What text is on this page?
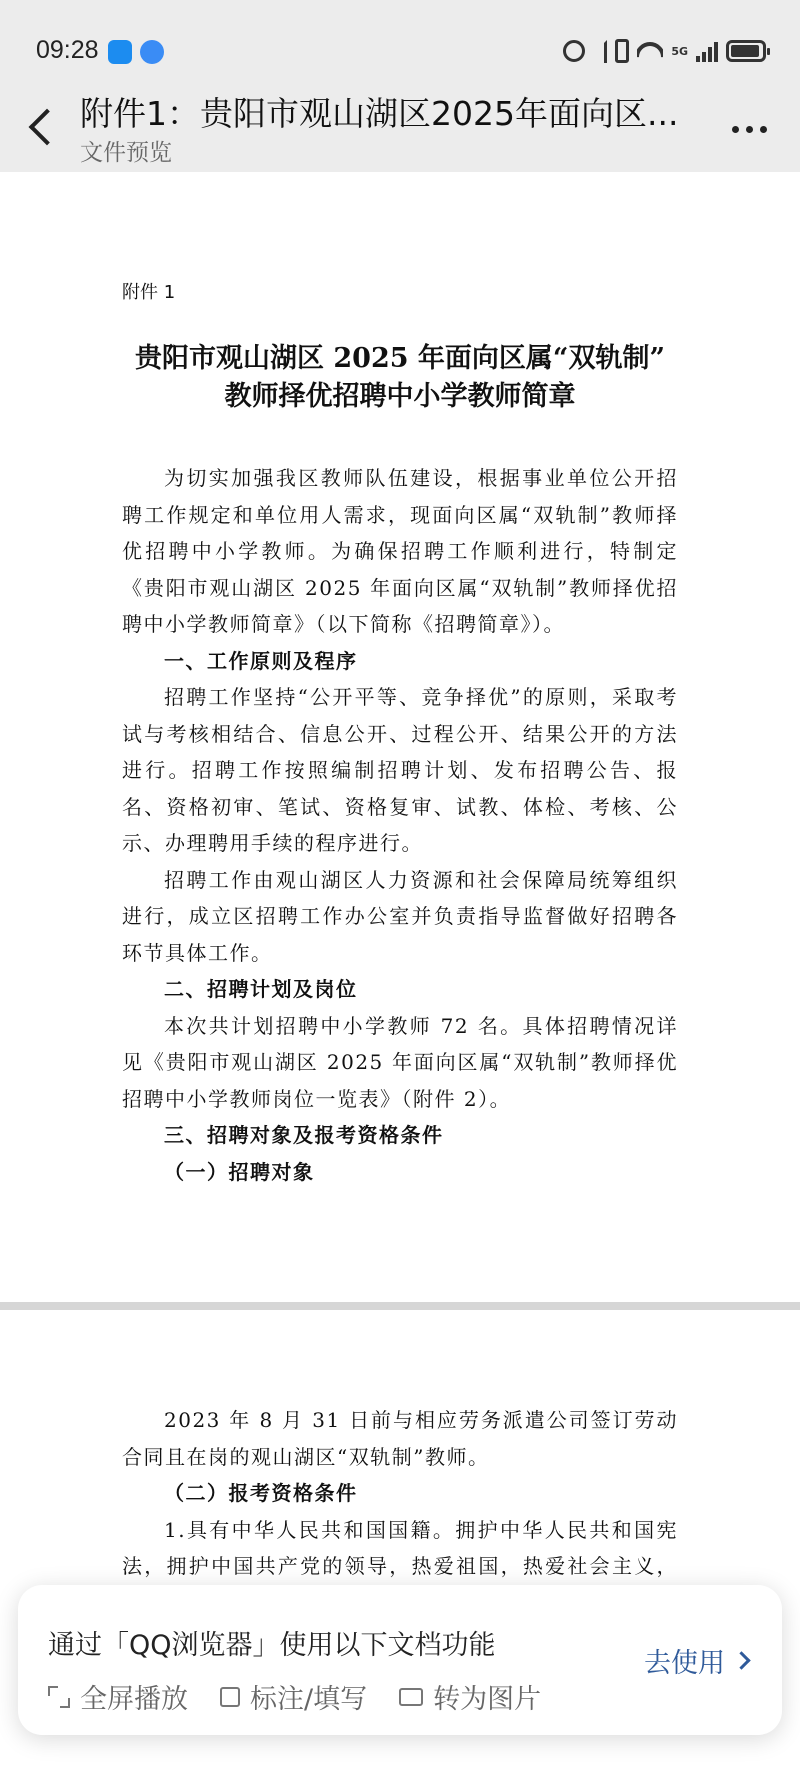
09:28	5G
附件1：贵阳市观山湖区2025年面向区...
文件预览
附件 1
贵阳市观山湖区 2025 年面向区属“双轨制”
教师择优招聘中小学教师简章

为切实加强我区教师队伍建设，根据事业单位公开招聘工作规定和单位用人需求，现面向区属“双轨制”教师择优招聘中小学教师。为确保招聘工作顺利进行，特制定《贵阳市观山湖区 2025 年面向区属“双轨制”教师择优招聘中小学教师简章》（以下简称《招聘简章》）。

一、工作原则及程序

招聘工作坚持“公开平等、竞争择优”的原则，采取考试与考核相结合、信息公开、过程公开、结果公开的方法进行。招聘工作按照编制招聘计划、发布招聘公告、报名、资格初审、笔试、资格复审、试教、体检、考核、公示、办理聘用手续的程序进行。

招聘工作由观山湖区人力资源和社会保障局统筹组织进行，成立区招聘工作办公室并负责指导监督做好招聘各环节具体工作。

二、招聘计划及岗位

本次共计划招聘中小学教师 72 名。具体招聘情况详见《贵阳市观山湖区 2025 年面向区属“双轨制”教师择优招聘中小学教师岗位一览表》（附件 2）。

三、招聘对象及报考资格条件

（一）招聘对象

2023 年 8 月 31 日前与相应劳务派遣公司签订劳动合同且在岗的观山湖区“双轨制”教师。

（二）报考资格条件

1.具有中华人民共和国国籍。拥护中华人民共和国宪法，拥护中国共产党的领导，热爱祖国，热爱社会主义，

通过「QQ浏览器」使用以下文档功能
全屏播放 标注/填写 转为图片
去使用
